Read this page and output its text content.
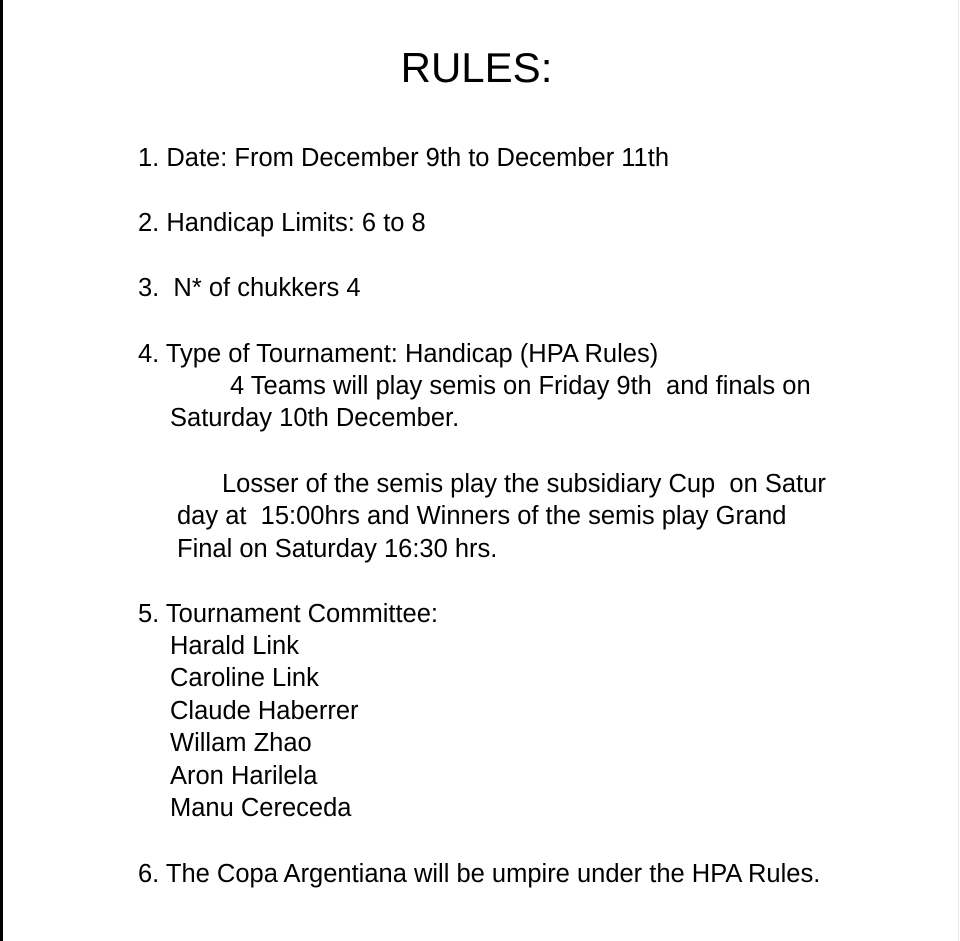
RULES:
1. Date: From December 9th to December 11th
2. Handicap Limits: 6 to 8
3.  N* of chukkers 4
4. Type of Tournament: Handicap (HPA Rules)
4 Teams will play semis on Friday 9th  and finals on
Saturday 10th December.
Losser of the semis play the subsidiary Cup  on Satur
day at  15:00hrs and Winners of the semis play Grand
Final on Saturday 16:30 hrs.
5. Tournament Committee:
Harald Link
Caroline Link
Claude Haberrer
Willam Zhao
Aron Harilela
Manu Cereceda
6. The Copa Argentiana will be umpire under the HPA Rules.
